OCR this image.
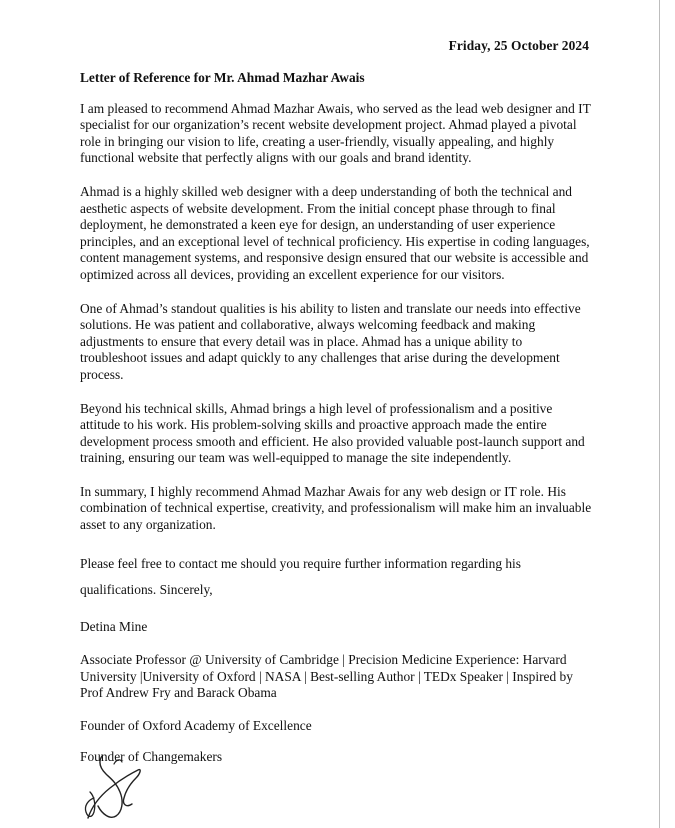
Friday, 25 October 2024

Letter of Reference for Mr. Ahmad Mazhar Awais

I am pleased to recommend Ahmad Mazhar Awais, who served as the lead web designer and IT specialist for our organization’s recent website development project. Ahmad played a pivotal role in bringing our vision to life, creating a user-friendly, visually appealing, and highly functional website that perfectly aligns with our goals and brand identity.

Ahmad is a highly skilled web designer with a deep understanding of both the technical and aesthetic aspects of website development. From the initial concept phase through to final deployment, he demonstrated a keen eye for design, an understanding of user experience principles, and an exceptional level of technical proficiency. His expertise in coding languages, content management systems, and responsive design ensured that our website is accessible and optimized across all devices, providing an excellent experience for our visitors.

One of Ahmad’s standout qualities is his ability to listen and translate our needs into effective solutions. He was patient and collaborative, always welcoming feedback and making adjustments to ensure that every detail was in place. Ahmad has a unique ability to troubleshoot issues and adapt quickly to any challenges that arise during the development process.

Beyond his technical skills, Ahmad brings a high level of professionalism and a positive attitude to his work. His problem-solving skills and proactive approach made the entire development process smooth and efficient. He also provided valuable post-launch support and training, ensuring our team was well-equipped to manage the site independently.

In summary, I highly recommend Ahmad Mazhar Awais for any web design or IT role. His combination of technical expertise, creativity, and professionalism will make him an invaluable asset to any organization.

Please feel free to contact me should you require further information regarding his qualifications. Sincerely,

Detina Mine

Associate Professor @ University of Cambridge | Precision Medicine Experience: Harvard University |University of Oxford | NASA | Best-selling Author | TEDx Speaker | Inspired by Prof Andrew Fry and Barack Obama

Founder of Oxford Academy of Excellence

Founder of Changemakers
